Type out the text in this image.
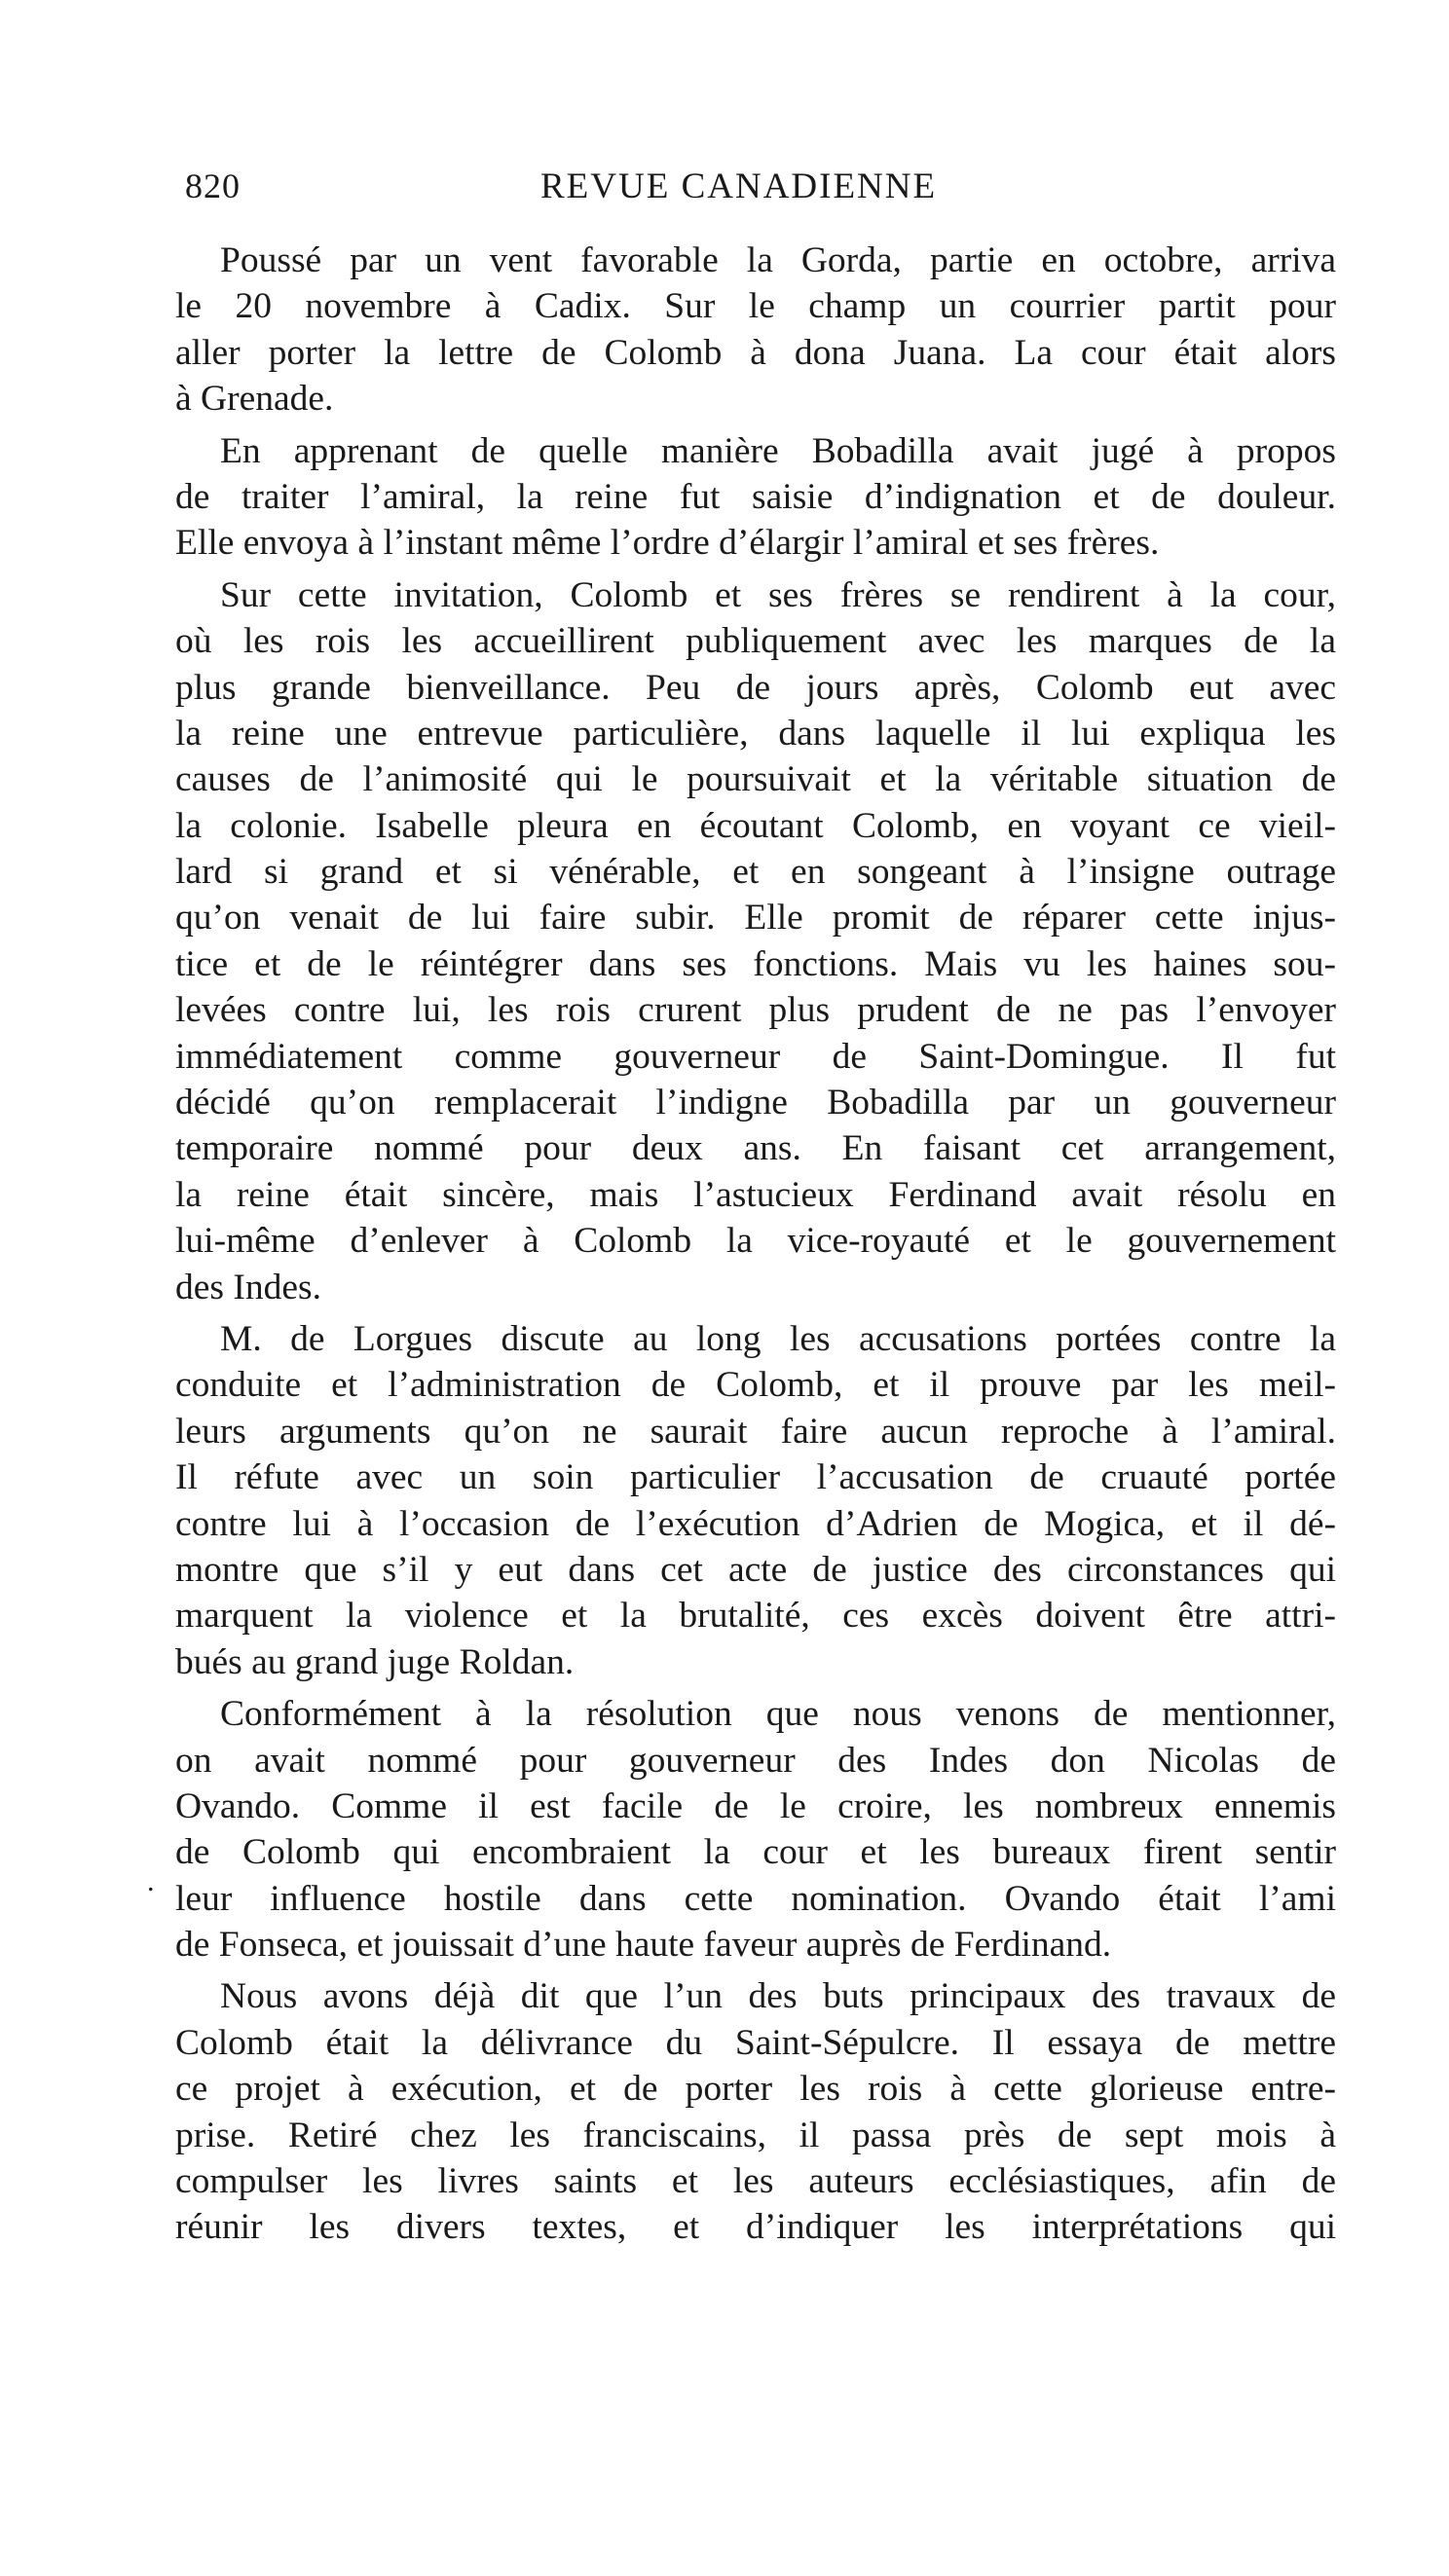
820	REVUE CANADIENNE
.
Poussé par un vent favorable la Gorda, partie en octobre, arriva
le 20 novembre à Cadix. Sur le champ un courrier partit pour
aller porter la lettre de Colomb à dona Juana. La cour était alors
à Grenade.
En apprenant de quelle manière Bobadilla avait jugé à propos
de traiter l’amiral, la reine fut saisie d’indignation et de douleur.
Elle envoya à l’instant même l’ordre d’élargir l’amiral et ses frères.
Sur cette invitation, Colomb et ses frères se rendirent à la cour,
où les rois les accueillirent publiquement avec les marques de la
plus grande bienveillance. Peu de jours après, Colomb eut avec
la reine une entrevue particulière, dans laquelle il lui expliqua les
causes de l’animosité qui le poursuivait et la véritable situation de
la colonie. Isabelle pleura en écoutant Colomb, en voyant ce vieil-
lard si grand et si vénérable, et en songeant à l’insigne outrage
qu’on venait de lui faire subir. Elle promit de réparer cette injus-
tice et de le réintégrer dans ses fonctions. Mais vu les haines sou-
levées contre lui, les rois crurent plus prudent de ne pas l’envoyer
immédiatement comme gouverneur de Saint-Domingue. Il fut
décidé qu’on remplacerait l’indigne Bobadilla par un gouverneur
temporaire nommé pour deux ans. En faisant cet arrangement,
la reine était sincère, mais l’astucieux Ferdinand avait résolu en
lui-même d’enlever à Colomb la vice-royauté et le gouvernement
des Indes.
M. de Lorgues discute au long les accusations portées contre la
conduite et l’administration de Colomb, et il prouve par les meil-
leurs arguments qu’on ne saurait faire aucun reproche à l’amiral.
Il réfute avec un soin particulier l’accusation de cruauté portée
contre lui à l’occasion de l’exécution d’Adrien de Mogica, et il dé-
montre que s’il y eut dans cet acte de justice des circonstances qui
marquent la violence et la brutalité, ces excès doivent être attri-
bués au grand juge Roldan.
Conformément à la résolution que nous venons de mentionner,
on avait nommé pour gouverneur des Indes don Nicolas de
Ovando. Comme il est facile de le croire, les nombreux ennemis
de Colomb qui encombraient la cour et les bureaux firent sentir
leur influence hostile dans cette nomination. Ovando était l’ami
de Fonseca, et jouissait d’une haute faveur auprès de Ferdinand.
Nous avons déjà dit que l’un des buts principaux des travaux de
Colomb était la délivrance du Saint-Sépulcre. Il essaya de mettre
ce projet à exécution, et de porter les rois à cette glorieuse entre-
prise. Retiré chez les franciscains, il passa près de sept mois à
compulser les livres saints et les auteurs ecclésiastiques, afin de
réunir les divers textes, et d’indiquer les interprétations qui
